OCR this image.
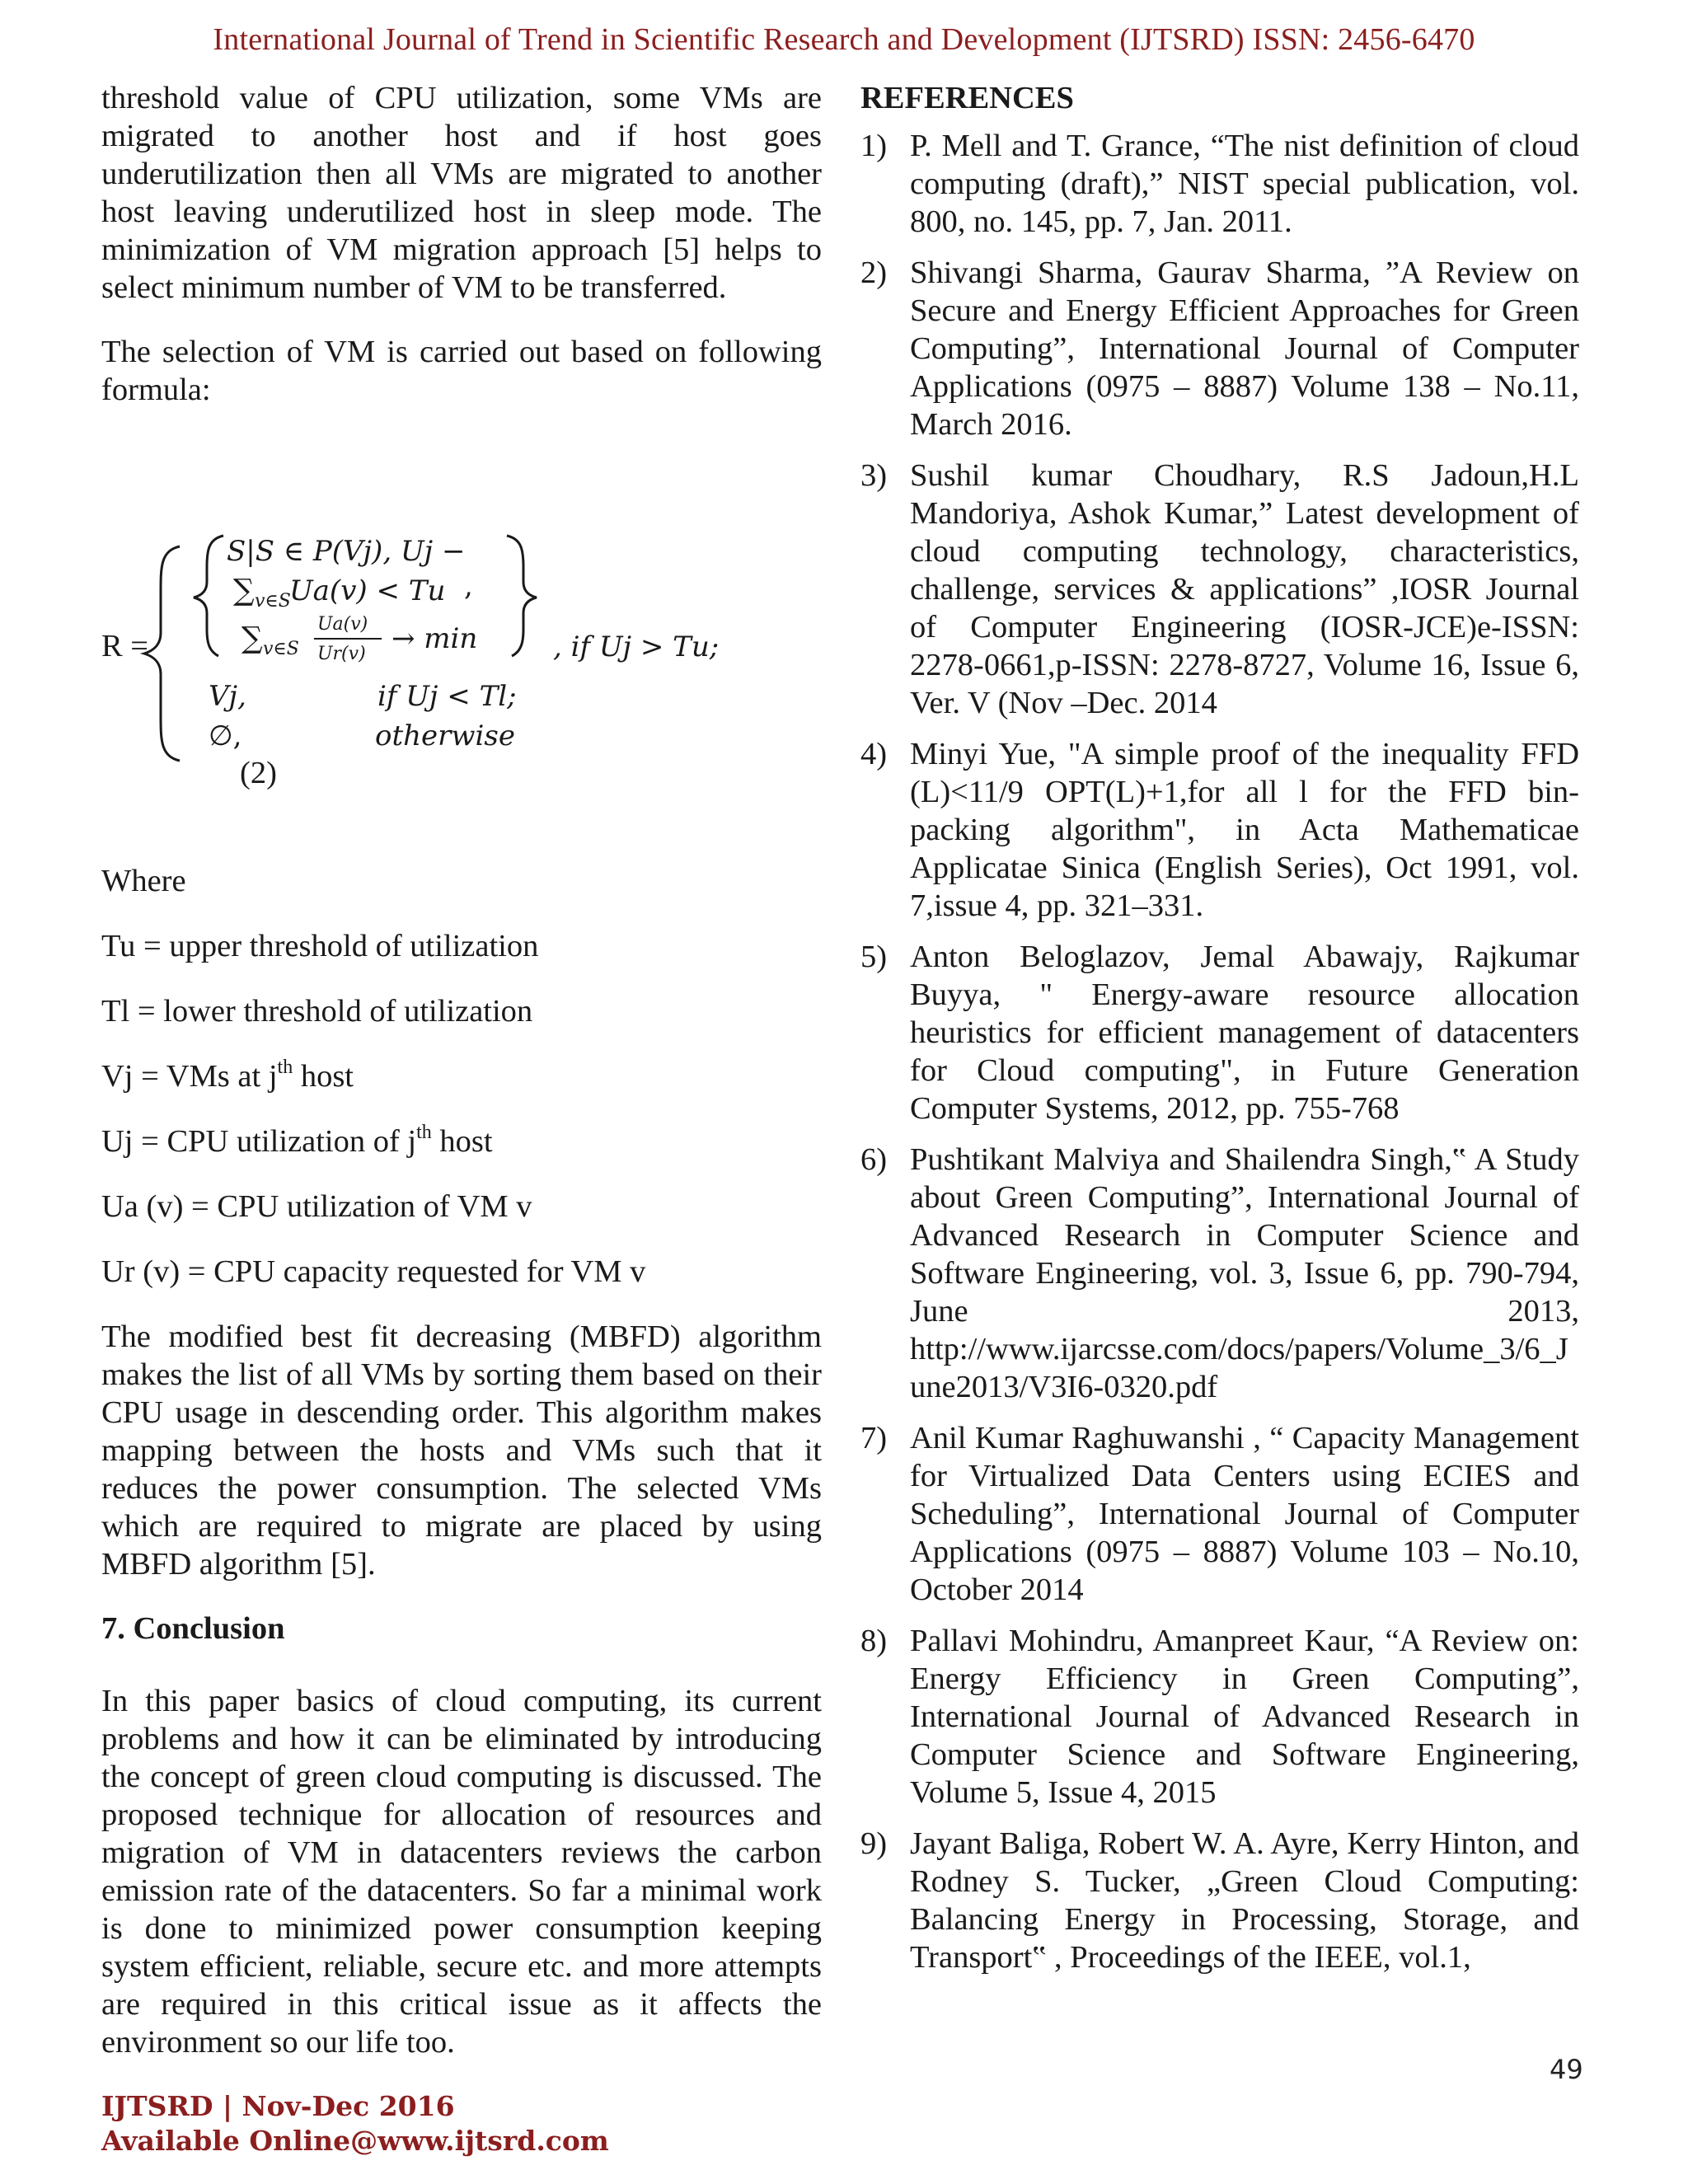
International Journal of Trend in Scientific Research and Development (IJTSRD) ISSN: 2456-6470

threshold value of CPU utilization, some VMs are migrated to another host and if host goes underutilization then all VMs are migrated to another host leaving underutilized host in sleep mode. The minimization of VM migration approach [5] helps to select minimum number of VM to be transferred.

The selection of VM is carried out based on following formula:

R =
S|S ∈ P(Vj), Uj −
∑ v∈S
Ua(v) < Tu ,
∑ v∈S
Ua(v)
Ur(v) → min	, if Uj > Tu;
Vj,	if Uj < Tl;
∅,	otherwise
(2)

Where

Tu = upper threshold of utilization

Tl = lower threshold of utilization

Vj = VMs at $j^{th}$ host

Uj = CPU utilization of $j^{th}$ host

Ua (v) = CPU utilization of VM v

Ur (v) = CPU capacity requested for VM v

The modified best fit decreasing (MBFD) algorithm makes the list of all VMs by sorting them based on their CPU usage in descending order. This algorithm makes mapping between the hosts and VMs such that it reduces the power consumption. The selected VMs which are required to migrate are placed by using MBFD algorithm [5].

7. Conclusion

In this paper basics of cloud computing, its current problems and how it can be eliminated by introducing the concept of green cloud computing is discussed. The proposed technique for allocation of resources and migration of VM in datacenters reviews the carbon emission rate of the datacenters. So far a minimal work is done to minimized power consumption keeping system efficient, reliable, secure etc. and more attempts are required in this critical issue as it affects the environment so our life too.

REFERENCES
1) P. Mell and T. Grance, “The nist definition of cloud computing (draft),” NIST special publication, vol. 800, no. 145, pp. 7, Jan. 2011.
2) Shivangi Sharma, Gaurav Sharma, ”A Review on Secure and Energy Efficient Approaches for Green Computing”, International Journal of Computer Applications (0975 – 8887) Volume 138 – No.11, March 2016.
3) Sushil kumar Choudhary, R.S Jadoun,H.L Mandoriya, Ashok Kumar,” Latest development of cloud computing technology, characteristics, challenge, services & applications” ,IOSR Journal of Computer Engineering (IOSR-JCE)e-ISSN: 2278-0661,p-ISSN: 2278-8727, Volume 16, Issue 6, Ver. V (Nov –Dec. 2014
4) Minyi Yue, "A simple proof of the inequality FFD (L)<11/9 OPT(L)+1,for all l for the FFD bin-packing algorithm", in Acta Mathematicae Applicatae Sinica (English Series), Oct 1991, vol. 7,issue 4, pp. 321–331.
5) Anton Beloglazov, Jemal Abawajy, Rajkumar Buyya, " Energy-aware resource allocation heuristics for efficient management of datacenters for Cloud computing", in Future Generation Computer Systems, 2012, pp. 755-768
6) Pushtikant Malviya and Shailendra Singh,‟ A Study about Green Computing”, International Journal of Advanced Research in Computer Science and Software Engineering, vol. 3, Issue 6, pp. 790-794, June 2013, http://www.ijarcsse.com/docs/papers/Volume_3/6_June2013/V3I6-0320.pdf
7) Anil Kumar Raghuwanshi , “ Capacity Management for Virtualized Data Centers using ECIES and Scheduling”, International Journal of Computer Applications (0975 – 8887) Volume 103 – No.10, October 2014
8) Pallavi Mohindru, Amanpreet Kaur, “A Review on: Energy Efficiency in Green Computing”, International Journal of Advanced Research in Computer Science and Software Engineering, Volume 5, Issue 4, 2015
9) Jayant Baliga, Robert W. A. Ayre, Kerry Hinton, and Rodney S. Tucker, „Green Cloud Computing: Balancing Energy in Processing, Storage, and Transport‟ , Proceedings of the IEEE, vol.1,
49
IJTSRD | Nov-Dec 2016
Available Online@www.ijtsrd.com
